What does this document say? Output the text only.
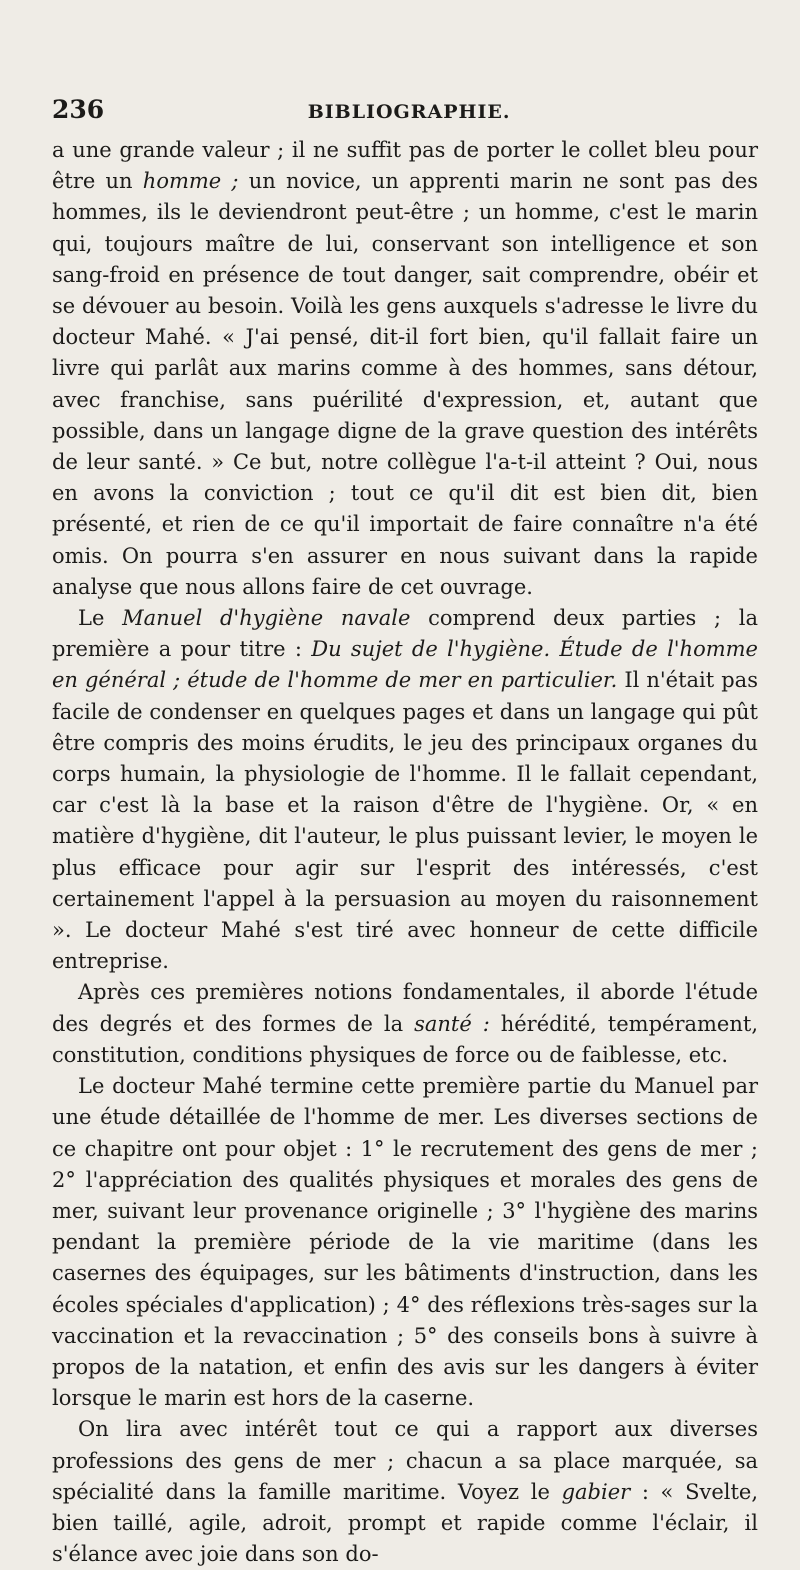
236	BIBLIOGRAPHIE.

a une grande valeur ; il ne suffit pas de porter le collet bleu pour être un homme ; un novice, un apprenti marin ne sont pas des hommes, ils le deviendront peut-être ; un homme, c'est le marin qui, toujours maître de lui, conservant son intelligence et son sang-froid en présence de tout danger, sait comprendre, obéir et se dévouer au besoin. Voilà les gens auxquels s'adresse le livre du docteur Mahé. « J'ai pensé, dit-il fort bien, qu'il fallait faire un livre qui parlât aux marins comme à des hommes, sans détour, avec franchise, sans puérilité d'expression, et, autant que possible, dans un langage digne de la grave question des intérêts de leur santé. » Ce but, notre collègue l'a-t-il atteint ? Oui, nous en avons la conviction ; tout ce qu'il dit est bien dit, bien présenté, et rien de ce qu'il importait de faire connaître n'a été omis. On pourra s'en assurer en nous suivant dans la rapide analyse que nous allons faire de cet ouvrage.

Le Manuel d'hygiène navale comprend deux parties ; la première a pour titre : Du sujet de l'hygiène. Étude de l'homme en général ; étude de l'homme de mer en particulier. Il n'était pas facile de condenser en quelques pages et dans un langage qui pût être compris des moins érudits, le jeu des principaux organes du corps humain, la physiologie de l'homme. Il le fallait cependant, car c'est là la base et la raison d'être de l'hygiène. Or, « en matière d'hygiène, dit l'auteur, le plus puissant levier, le moyen le plus efficace pour agir sur l'esprit des intéressés, c'est certainement l'appel à la persuasion au moyen du raisonnement ». Le docteur Mahé s'est tiré avec honneur de cette difficile entreprise.

Après ces premières notions fondamentales, il aborde l'étude des degrés et des formes de la santé : hérédité, tempérament, constitution, conditions physiques de force ou de faiblesse, etc.

Le docteur Mahé termine cette première partie du Manuel par une étude détaillée de l'homme de mer. Les diverses sections de ce chapitre ont pour objet : 1° le recrutement des gens de mer ; 2° l'appréciation des qualités physiques et morales des gens de mer, suivant leur provenance originelle ; 3° l'hygiène des marins pendant la première période de la vie maritime (dans les casernes des équipages, sur les bâtiments d'instruction, dans les écoles spéciales d'application) ; 4° des réflexions très-sages sur la vaccination et la revaccination ; 5° des conseils bons à suivre à propos de la natation, et enfin des avis sur les dangers à éviter lorsque le marin est hors de la caserne.

On lira avec intérêt tout ce qui a rapport aux diverses professions des gens de mer ; chacun a sa place marquée, sa spécialité dans la famille maritime. Voyez le gabier : « Svelte, bien taillé, agile, adroit, prompt et rapide comme l'éclair, il s'élance avec joie dans son do-
